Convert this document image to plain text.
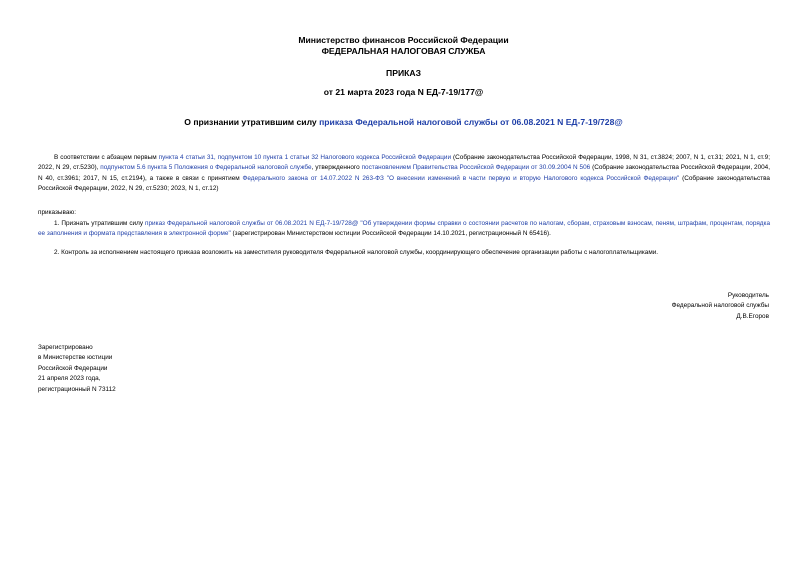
Министерство финансов Российской Федерации
ФЕДЕРАЛЬНАЯ НАЛОГОВАЯ СЛУЖБА
ПРИКАЗ
от 21 марта 2023 года N ЕД-7-19/177@
О признании утратившим силу приказа Федеральной налоговой службы от 06.08.2021 N ЕД-7-19/728@
В соответствии с абзацем первым пункта 4 статьи 31, подпунктом 10 пункта 1 статьи 32 Налогового кодекса Российской Федерации (Собрание законодательства Российской Федерации, 1998, N 31, ст.3824; 2007, N 1, ст.31; 2021, N 1, ст.9; 2022, N 29, ст.5230), подпунктом 5.6 пункта 5 Положения о Федеральной налоговой службе, утвержденного постановлением Правительства Российской Федерации от 30.09.2004 N 506 (Собрание законодательства Российской Федерации, 2004, N 40, ст.3961; 2017, N 15, ст.2194), а также в связи с принятием Федерального закона от 14.07.2022 N 263-ФЗ "О внесении изменений в части первую и вторую Налогового кодекса Российской Федерации" (Собрание законодательства Российской Федерации, 2022, N 29, ст.5230; 2023, N 1, ст.12)
приказываю:
1. Признать утратившим силу приказ Федеральной налоговой службы от 06.08.2021 N ЕД-7-19/728@ "Об утверждении формы справки о состоянии расчетов по налогам, сборам, страховым взносам, пеням, штрафам, процентам, порядка ее заполнения и формата представления в электронной форме" (зарегистрирован Министерством юстиции Российской Федерации 14.10.2021, регистрационный N 65416).
2. Контроль за исполнением настоящего приказа возложить на заместителя руководителя Федеральной налоговой службы, координирующего обеспечение организации работы с налогоплательщиками.
Руководитель
Федеральной налоговой службы
Д.В.Егоров
Зарегистрировано
в Министерстве юстиции
Российской Федерации
21 апреля 2023 года,
регистрационный N 73112
